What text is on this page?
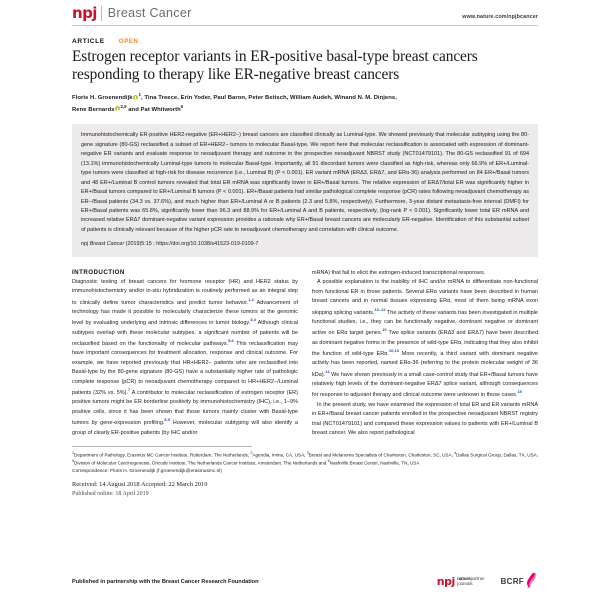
npj Breast Cancer	www.nature.com/npjbcancer
ARTICLE OPEN
Estrogen receptor variants in ER-positive basal-type breast cancers responding to therapy like ER-negative breast cancers
Floris H. Groenendijk$^1$, Tina Treece, Erin Yoder, Paul Baron, Peter Beitsch, William Audeh, Winand N. M. Dinjens,
Rene Bernards$^{2,5}$ and Pat Whitworth$^6$

Immunohistochemically ER-positive HER2-negative (ER+HER2−) breast cancers are classified clinically as Luminal-type. We showed previously that molecular subtyping using the 80-gene signature (80-GS) reclassified a subset of ER+HER2− tumors to molecular Basal-type. We report here that molecular reclassification is associated with expression of dominant-negative ER variants and evaluate response to neoadjuvant therapy and outcome in the prospective neoadjuvant NBRST study (NCT01479101). The 80-GS reclassified 91 of 694 (13.1%) immunohistochemically Luminal-type tumors to molecular Basal-type. Importantly, all 91 discordant tumors were classified as high-risk, whereas only 66.9% of ER+/Luminal-type tumors were classified at high-risk for disease recurrence (i.e., Luminal B) (P < 0.001). ER variant mRNA (ERΔ3, ERΔ7, and ERα-36) analysis performed on 84 ER+/Basal tumors and 48 ER+/Luminal B control tumors revealed that total ER mRNA was significantly lower in ER+/Basal tumors. The relative expression of ERΔ7/total ER was significantly higher in ER+/Basal tumors compared to ER+/Luminal B tumors (P < 0.001). ER+/Basal patients had similar pathological complete response (pCR) rates following neoadjuvant chemotherapy as ER−/Basal patients (34.3 vs. 37.6%), and much higher than ER+/Luminal A or B patients (2.3 and 5.8%, respectively). Furthermore, 3-year distant metastasis-free interval (DMFI) for ER+/Basal patients was 65.8%, significantly lower than 96.3 and 88.9% for ER+/Luminal A and B patients, respectively, (log-rank P < 0.001). Significantly lower total ER mRNA and increased relative ERΔ7 dominant-negative variant expression provides a rationale why ER+/Basal breast cancers are molecularly ER-negative. Identification of this substantial subset of patients is clinically relevant because of the higher pCR rate to neoadjuvant chemotherapy and correlation with clinical outcome.

npj Breast Cancer (2019)5:15 ; https://doi.org/10.1038/s41523-019-0109-7
INTRODUCTION

Diagnostic testing of breast cancers for hormone receptor (HR) and HER2 status by immunohistochemistry and/or in-situ hybridization is routinely performed as an integral step to clinically define tumor characteristics and predict tumor behavior.$^{1,2}$ Advancement of technology has made it possible to molecularly characterize these tumors at the genomic level by evaluating underlying and intrinsic differences in tumor biology.$^{3,4}$ Although clinical subtypes overlap with these molecular subtypes, a significant number of patients will be reclassified based on the functionality of molecular pathways.$^{5,6}$ This reclassification may have important consequences for treatment allocation, response and clinical outcome. For example, we have reported previously that HR+HER2− patients who are reclassified into Basal-type by the 80-gene signature (80-GS) have a substantially higher rate of pathologic complete response (pCR) to neoadjuvant chemotherapy compared to HR+HER2−/Luminal patients (32% vs. 5%).$^7$ A contributor to molecular reclassification of estrogen receptor (ER) positive tumors might be ER borderline positivity by immunohistochemistry (IHC), i.e., 1–9% positive cells, since it has been shown that those tumors mainly cluster with Basal-type tumors by gene-expression profiling.$^{8,9}$ However, molecular subtyping will also identify a group of clearly ER-positive patients (by IHC and/or

mRNA) that fail to elicit the estrogen-induced transcriptional responses.

A possible explanation is the inability of IHC and/or mRNA to differentiate non-functional from functional ER in those patients. Several ERα variants have been described in human breast cancers and in normal tissues expressing ERα, most of them being mRNA exon skipping splicing variants.$^{10-12}$ The activity of these variants has been investigated in multiple functional studies, i.e., they can be functionally negative, dominant negative or dominant active on ERα target genes.$^{10}$ Two splice variants (ERΔ3 and ERΔ7) have been described as dominant negative forms in the presence of wild-type ERα, indicating that they also inhibit the function of wild-type ERα.$^{10,13}$ More recently, a third variant with dominant negative activity has been reported, named ERα-36 (referring to the protein molecular weight of 36 kDa).$^{14}$ We have shown previously in a small case-control study that ER+/Basal tumors have relatively high levels of the dominant-negative ERΔ7 splice variant, although consequences for response to adjuvant therapy and clinical outcome were unknown in those cases.$^{15}$

In the present study, we have examined the expression of total ER and ER variants mRNA in ER+/Basal breast cancer patients enrolled in the prospective neoadjuvant NBRST registry trial (NCT01479101) and compared these expression values to patients with ER+/Luminal B breast cancer. We also report pathological

$^1$Department of Pathology, Erasmus MC Cancer Institute, Rotterdam, The Netherlands; $^2$Agendia, Irvine, CA, USA; $^3$Breast and Melanoma Specialists of Charleston, Charleston, SC, USA; $^4$Dallas Surgical Group, Dallas, TX, USA; $^5$Division of Molecular Carcinogenesis, Oncode Institute, The Netherlands Cancer Institute, Amsterdam, The Netherlands and $^6$Nashville Breast Center, Nashville, TN, USA
Correspondence: Floris H. Groenendijk (f.groenendijk@erasmusmc.nl)
Received: 14 August 2018 Accepted: 22 March 2019
Published online: 18 April 2019
Published in partnership with the Breast Cancer Research Foundation	npj naturepartner
journals	BCRF
